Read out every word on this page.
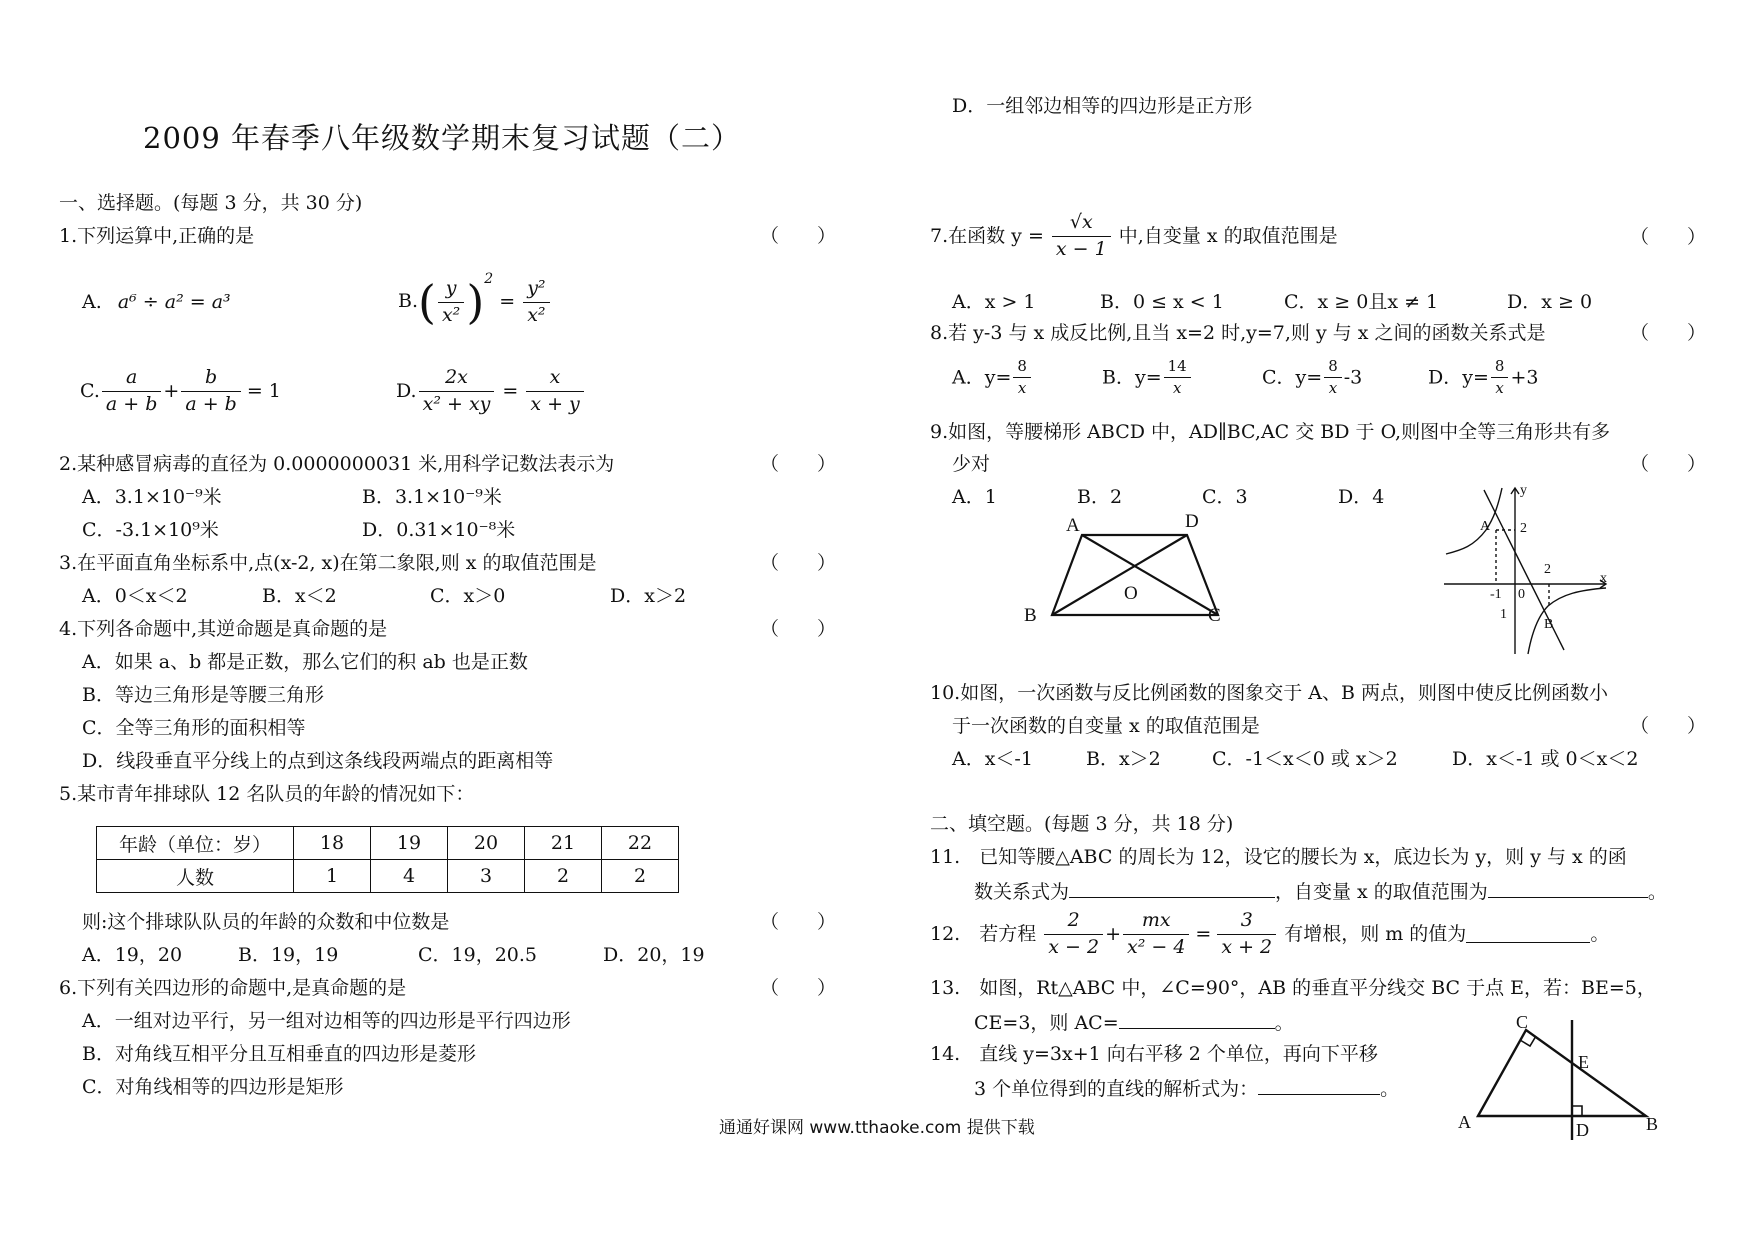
2009 年春季八年级数学期末复习试题（二）
一、选择题。(每题 3 分，共 30 分)
1.下列运算中,正确的是	（　　）
A. a⁶ ÷ a² = a³	$B.( \frac{y}{\text{x²}} )^2 = \frac{\text{y²}}{\text{x²}}$
C. $\frac{a}{a + b} + \frac{b}{a + b} = 1$	D. $\frac{2x}{\text{x² + xy}} = \frac{x}{x + y}$
2.某种感冒病毒的直径为 0.0000000031 米,用科学记数法表示为	（　　）
A．3.1×10⁻⁹米	B．3.1×10⁻⁹米
C．-3.1×10⁹米	D．0.31×10⁻⁸米
3.在平面直角坐标系中,点(x-2, x)在第二象限,则 x 的取值范围是	（　　）
A．0＜x＜2	B．x＜2	C．x＞0	D．x＞2
4.下列各命题中,其逆命题是真命题的是	（　　）
A．如果 a、b 都是正数，那么它们的积 ab 也是正数
B．等边三角形是等腰三角形
C．全等三角形的面积相等
D．线段垂直平分线上的点到这条线段两端点的距离相等
5.某市青年排球队 12 名队员的年龄的情况如下：
年龄（单位：岁）	18	19	20	21	22
人数	1	4	3	2	2
则:这个排球队队员的年龄的众数和中位数是	（　　）
A．19，20	B．19，19	C．19，20.5	D．20，19
6.下列有关四边形的命题中,是真命题的是	（　　）
A．一组对边平行，另一组对边相等的四边形是平行四边形
B．对角线互相平分且互相垂直的四边形是菱形
C．对角线相等的四边形是矩形
D．一组邻边相等的四边形是正方形
7.在函数 $y = \frac{√x}{x - 1}$ 中,自变量 x 的取值范围是	（　　）
A．x > 1	B．0 ≤ x < 1	C．x ≥ 0且x ≠ 1	D．x ≥ 0
8.若 y-3 与 x 成反比例,且当 x=2 时,y=7,则 y 与 x 之间的函数关系式是	（　　）
A．$y= \frac{8}{x}$	B．$y= \frac{14}{x}$	C．$y= \frac{8}{x} -3$	D．$y= \frac{8}{x} +3$
9.如图，等腰梯形 ABCD 中，AD∥BC,AC 交 BD 于 O,则图中全等三角形共有多
少对	（　　）
A．1	B．2	C．3	D．4
A	D
O
B	C
y
x
A 2
2
-1 0
1
B
10.如图，一次函数与反比例函数的图象交于 A、B 两点，则图中使反比例函数小
于一次函数的自变量 x 的取值范围是	（　　）
A．x＜-1	B．x＞2	C．-1＜x＜0 或 x＞2	D．x＜-1 或 0＜x＜2
二、填空题。(每题 3 分，共 18 分)
11.　已知等腰△ABC 的周长为 12，设它的腰长为 x，底边长为 y，则 y 与 x 的函
数关系式为	，自变量 x 的取值范围为	。
12.　若方程 $\frac{2}{x - 2} + \frac{mx}{\text{x² − 4}} = \frac{3}{x + 2}$ 有增根，则 m 的值为	。
13.　如图，Rt△ABC 中，∠C=90°，AB 的垂直平分线交 BC 于点 E，若：BE=5，
CE=3，则 AC=	。
14.　直线 y=3x+1 向右平移 2 个单位，再向下平移
3 个单位得到的直线的解析式为：	。
C
E
A	D	B
通通好课网 www.tthaoke.com 提供下载
